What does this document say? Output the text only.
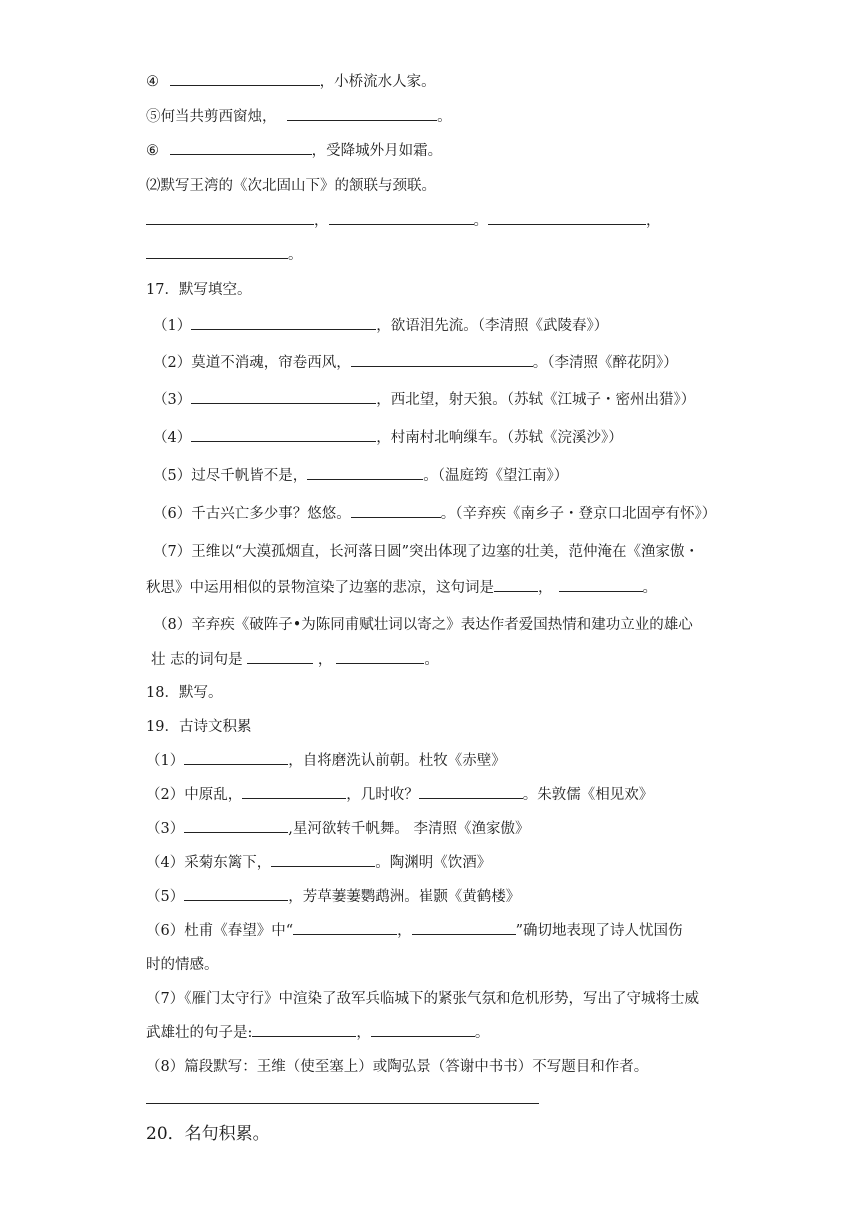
④	，小桥流水人家。
⑤何当共剪西窗烛，	。
⑥	，受降城外月如霜。
⑵默写王湾的《次北固山下》的颔联与颈联。
，	。	，
。
17．默写填空。
（1）	，欲语泪先流。（李清照《武陵春》）
（2）莫道不消魂，帘卷西风，	。（李清照《醉花阴》）
（3）	，西北望，射天狼。（苏轼《江城子・密州出猎》）
（4）	，村南村北响缫车。（苏轼《浣溪沙》）
（5）过尽千帆皆不是，	。（温庭筠《望江南》）
（6）千古兴亡多少事？悠悠。	。（辛弃疾《南乡子・登京口北固亭有怀》）
（7）王维以“大漠孤烟直，长河落日圆”突出体现了边塞的壮美，范仲淹在《渔家傲・
秋思》中运用相似的景物渲染了边塞的悲凉，这句词是	，	。
（8）辛弃疾《破阵子•为陈同甫赋壮词以寄之》表达作者爱国热情和建功立业的雄心
壮 志的词句是	，	。
18．默写。
19．古诗文积累
（1）	，自将磨洗认前朝。杜牧《赤壁》
（2）中原乱，	，几时收？	。朱敦儒《相见欢》
（3）	,星河欲转千帆舞。 李清照《渔家傲》
（4）采菊东篱下，	。陶渊明《饮酒》
（5）	，芳草萋萋鹦鹉洲。崔颢《黄鹤楼》
（6）杜甫《春望》中“	，	”确切地表现了诗人忧国伤
时的情感。
（7）《雁门太守行》中渲染了敌军兵临城下的紧张气氛和危机形势，写出了守城将士威
武雄壮的句子是:	，	。
（8）篇段默写：王维（使至塞上）或陶弘景（答谢中书书）不写题目和作者。
20．名句积累。
